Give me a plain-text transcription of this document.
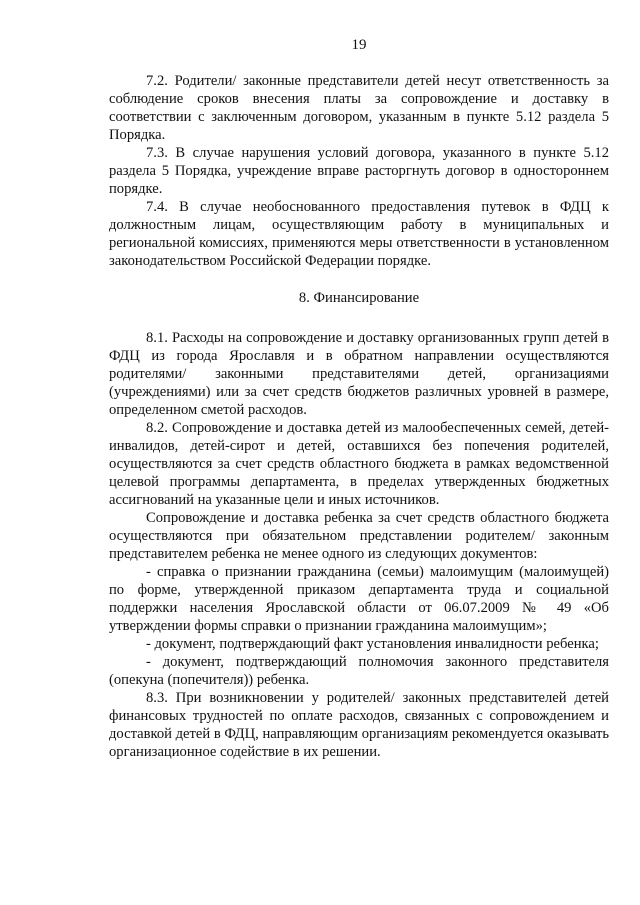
19

7.2. Родители/ законные представители детей несут ответственность за соблюдение сроков внесения платы за сопровождение и доставку в соответствии с заключенным договором, указанным в пункте 5.12 раздела 5 Порядка.

7.3. В случае нарушения условий договора, указанного в пункте 5.12 раздела 5 Порядка, учреждение вправе расторгнуть договор в одностороннем порядке.

7.4. В случае необоснованного предоставления путевок в ФДЦ к должностным лицам, осуществляющим работу в муниципальных и региональной комиссиях, применяются меры ответственности в установленном законодательством Российской Федерации порядке.

8. Финансирование

8.1. Расходы на сопровождение и доставку организованных групп детей в ФДЦ из города Ярославля и в обратном направлении осуществляются родителями/ законными представителями детей, организациями (учреждениями) или за счет средств бюджетов различных уровней в размере, определенном сметой расходов.

8.2. Сопровождение и доставка детей из малообеспеченных семей, детей-инвалидов, детей-сирот и детей, оставшихся без попечения родителей, осуществляются за счет средств областного бюджета в рамках ведомственной целевой программы департамента, в пределах утвержденных бюджетных ассигнований на указанные цели и иных источников.

Сопровождение и доставка ребенка за счет средств областного бюджета осуществляются при обязательном представлении родителем/ законным представителем ребенка не менее одного из следующих документов:

- справка о признании гражданина (семьи) малоимущим (малоимущей) по форме, утвержденной приказом департамента труда и социальной поддержки населения Ярославской области от 06.07.2009 № 49 «Об утверждении формы справки о признании гражданина малоимущим»;

- документ, подтверждающий факт установления инвалидности ребенка;

- документ, подтверждающий полномочия законного представителя (опекуна (попечителя)) ребенка.

8.3. При возникновении у родителей/ законных представителей детей финансовых трудностей по оплате расходов, связанных с сопровождением и доставкой детей в ФДЦ, направляющим организациям рекомендуется оказывать организационное содействие в их решении.
